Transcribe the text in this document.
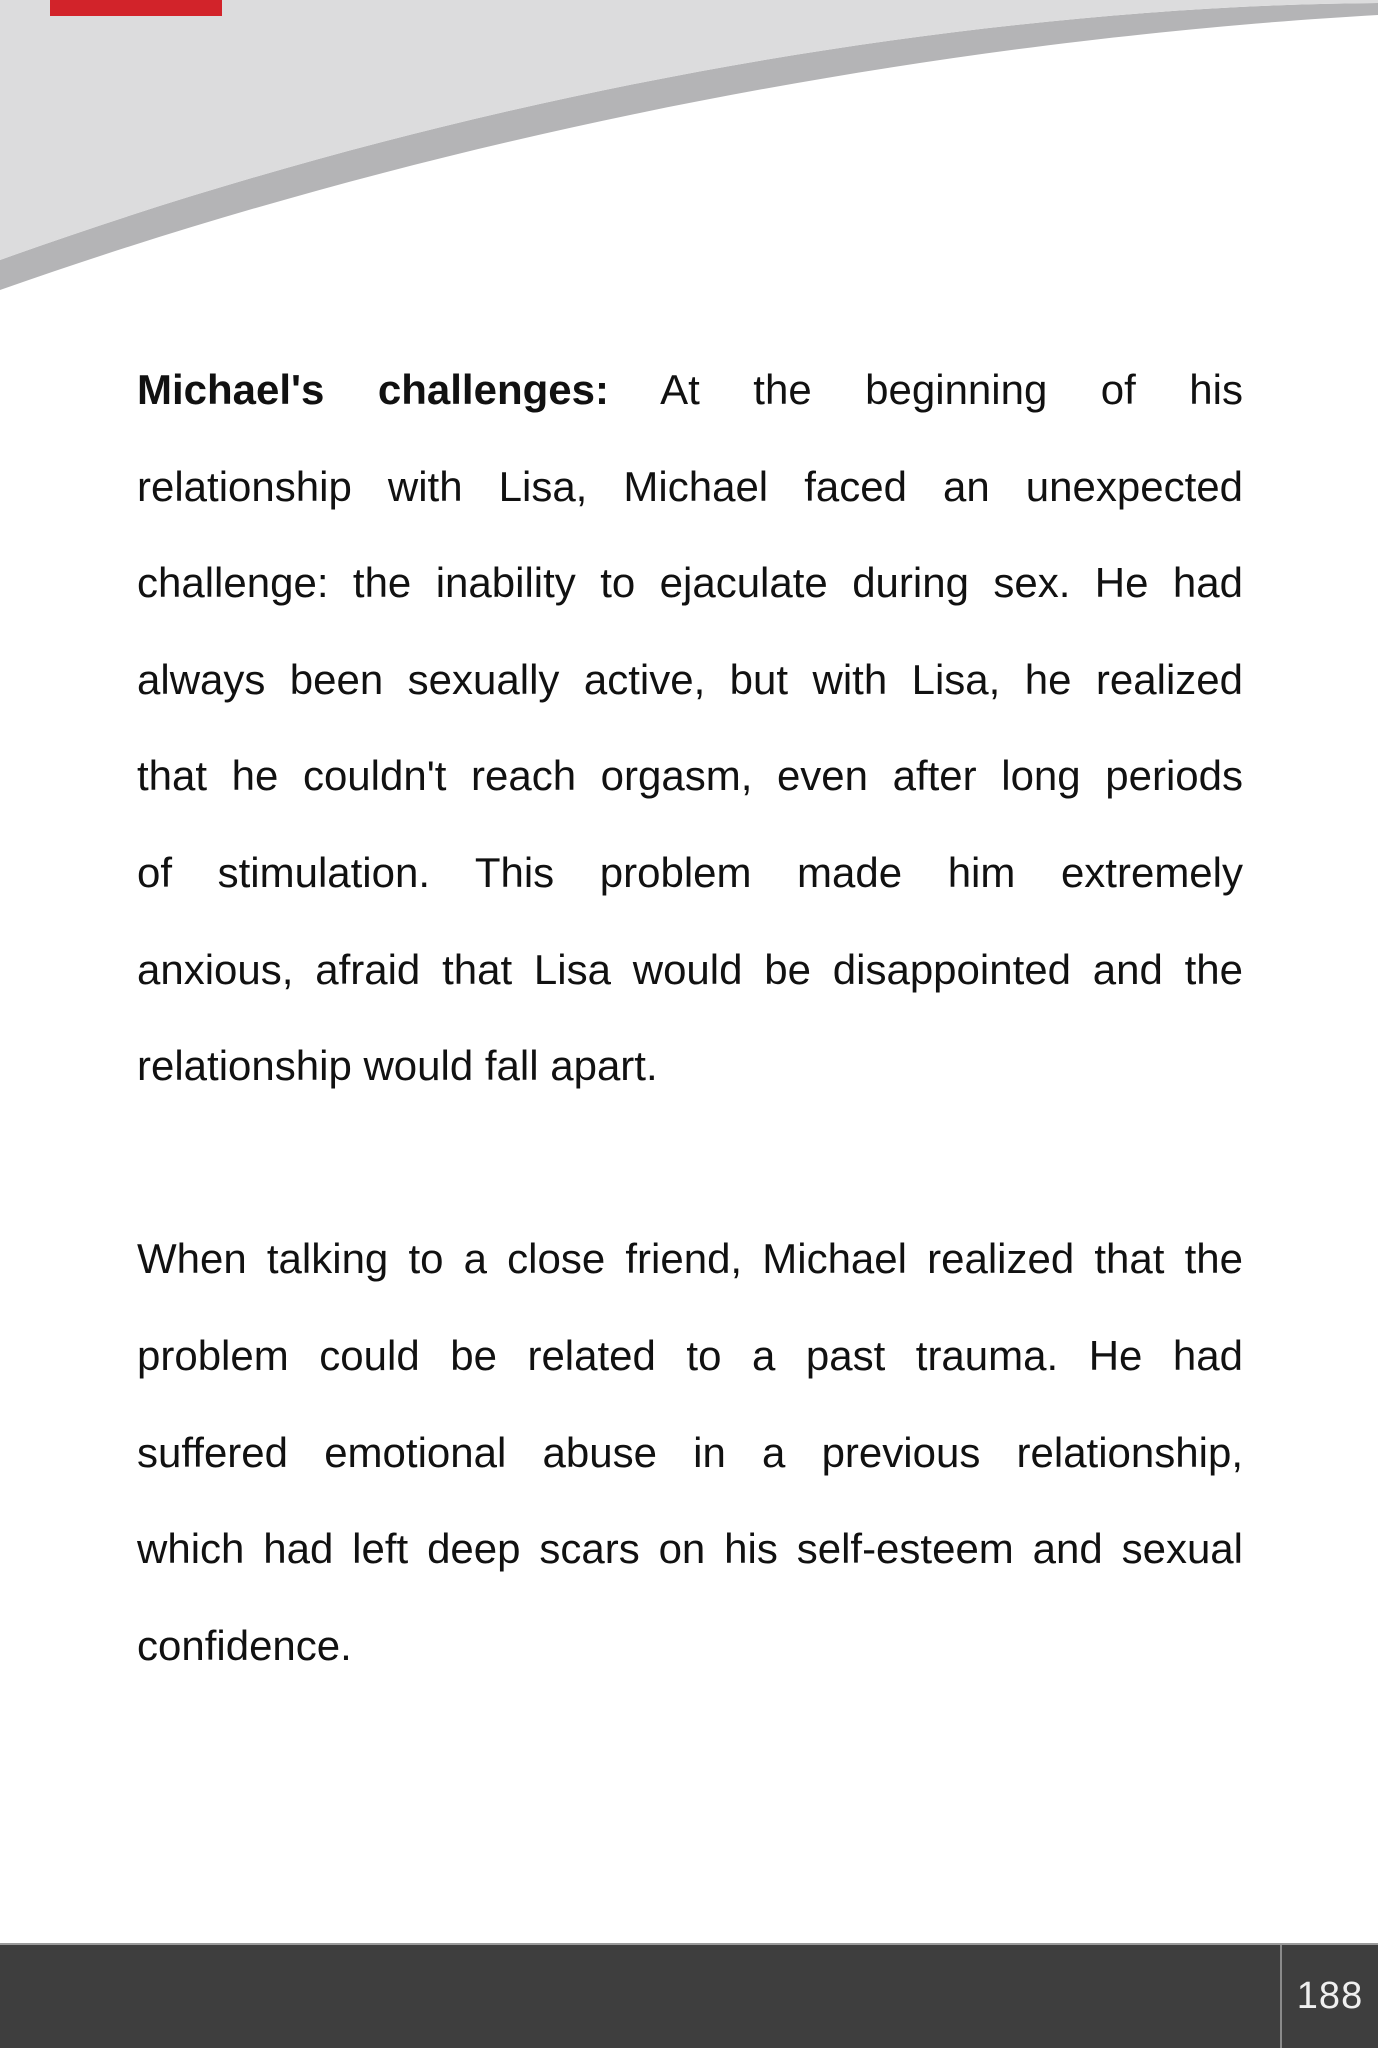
Michael's challenges: At the beginning of his
relationship with Lisa, Michael faced an unexpected
challenge: the inability to ejaculate during sex. He had
always been sexually active, but with Lisa, he realized
that he couldn't reach orgasm, even after long periods
of stimulation. This problem made him extremely
anxious, afraid that Lisa would be disappointed and the
relationship would fall apart.
When talking to a close friend, Michael realized that the
problem could be related to a past trauma. He had
suffered emotional abuse in a previous relationship,
which had left deep scars on his self-esteem and sexual
confidence.
188
